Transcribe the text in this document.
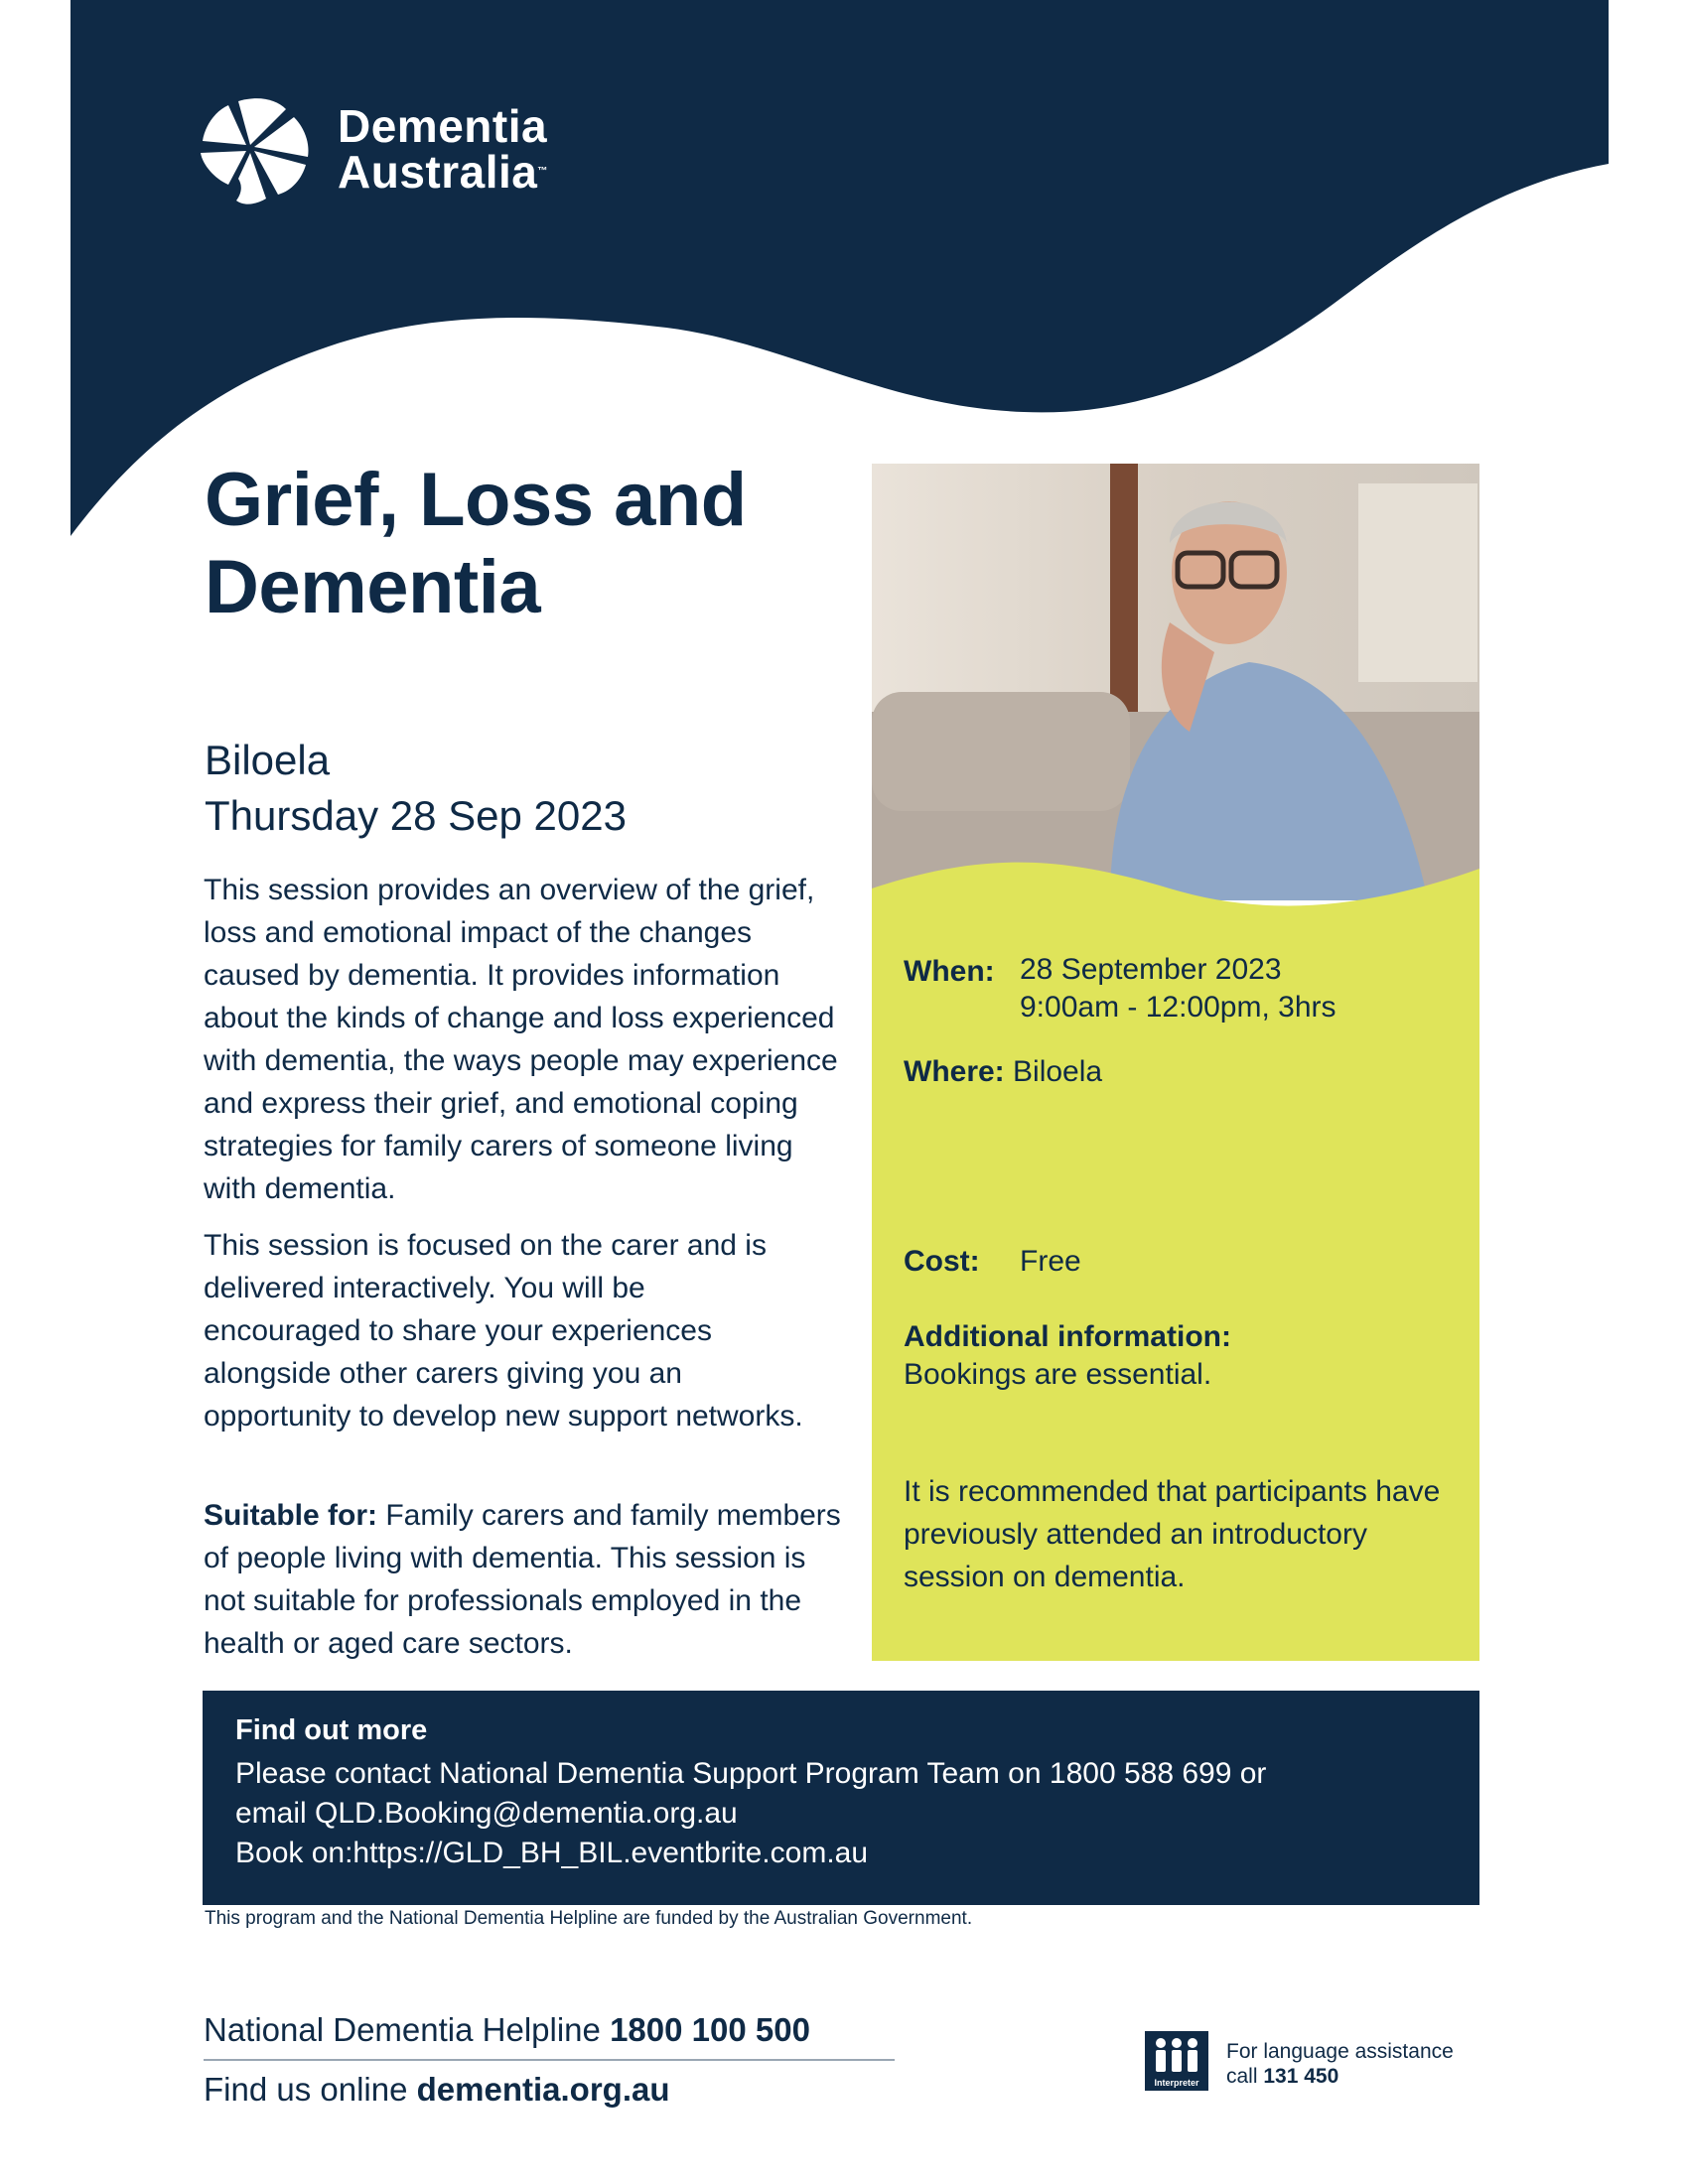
Dementia
Australia™
Grief, Loss and
Dementia
Biloela
Thursday 28 Sep 2023
This session provides an overview of the grief, loss and emotional impact of the changes caused by dementia. It provides information about the kinds of change and loss experienced with dementia, the ways people may experience and express their grief, and emotional coping strategies for family carers of someone living with dementia.
This session is focused on the carer and is delivered interactively. You will be encouraged to share your experiences alongside other carers giving you an opportunity to develop new support networks.
Suitable for: Family carers and family members of people living with dementia. This session is not suitable for professionals employed in the health or aged care sectors.
When: 28 September 2023
9:00am - 12:00pm, 3hrs
Where: Biloela
Cost: Free
Additional information:
Bookings are essential.
It is recommended that participants have previously attended an introductory session on dementia.
Find out more
Please contact National Dementia Support Program Team on 1800 588 699 or
email QLD.Booking@dementia.org.au
Book on:https://GLD_BH_BIL.eventbrite.com.au
This program and the National Dementia Helpline are funded by the Australian Government.
National Dementia Helpline 1800 100 500
Find us online dementia.org.au	Interpreter
For language assistance
call 131 450
